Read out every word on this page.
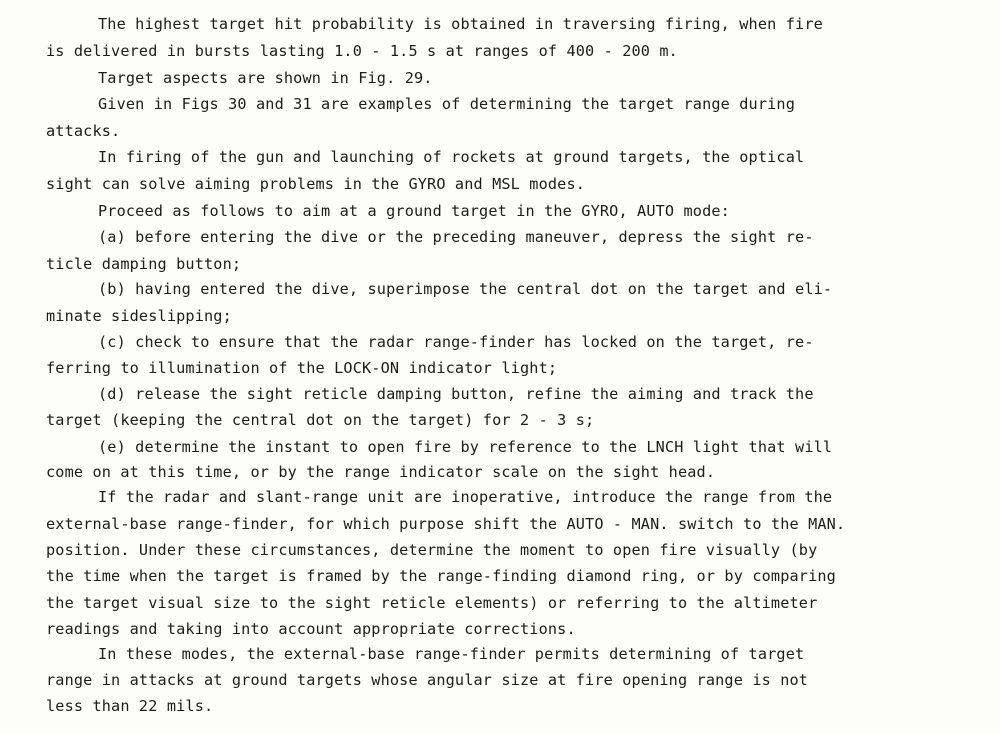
The highest target hit probability is obtained in traversing firing, when fire
is delivered in bursts lasting 1.0 - 1.5 s at ranges of 400 - 200 m.
Target aspects are shown in Fig. 29.
Given in Figs 30 and 31 are examples of determining the target range during
attacks.
In firing of the gun and launching of rockets at ground targets, the optical
sight can solve aiming problems in the GYRO and MSL modes.
Proceed as follows to aim at a ground target in the GYRO, AUTO mode:
(a) before entering the dive or the preceding maneuver, depress the sight re-
ticle damping button;
(b) having entered the dive, superimpose the central dot on the target and eli-
minate sideslipping;
(c) check to ensure that the radar range-finder has locked on the target, re-
ferring to illumination of the LOCK-ON indicator light;
(d) release the sight reticle damping button, refine the aiming and track the
target (keeping the central dot on the target) for 2 - 3 s;
(e) determine the instant to open fire by reference to the LNCH light that will
come on at this time, or by the range indicator scale on the sight head.
If the radar and slant-range unit are inoperative, introduce the range from the
external-base range-finder, for which purpose shift the AUTO - MAN. switch to the MAN.
position. Under these circumstances, determine the moment to open fire visually (by
the time when the target is framed by the range-finding diamond ring, or by comparing
the target visual size to the sight reticle elements) or referring to the altimeter
readings and taking into account appropriate corrections.
In these modes, the external-base range-finder permits determining of target
range in attacks at ground targets whose angular size at fire opening range is not
less than 22 mils.
